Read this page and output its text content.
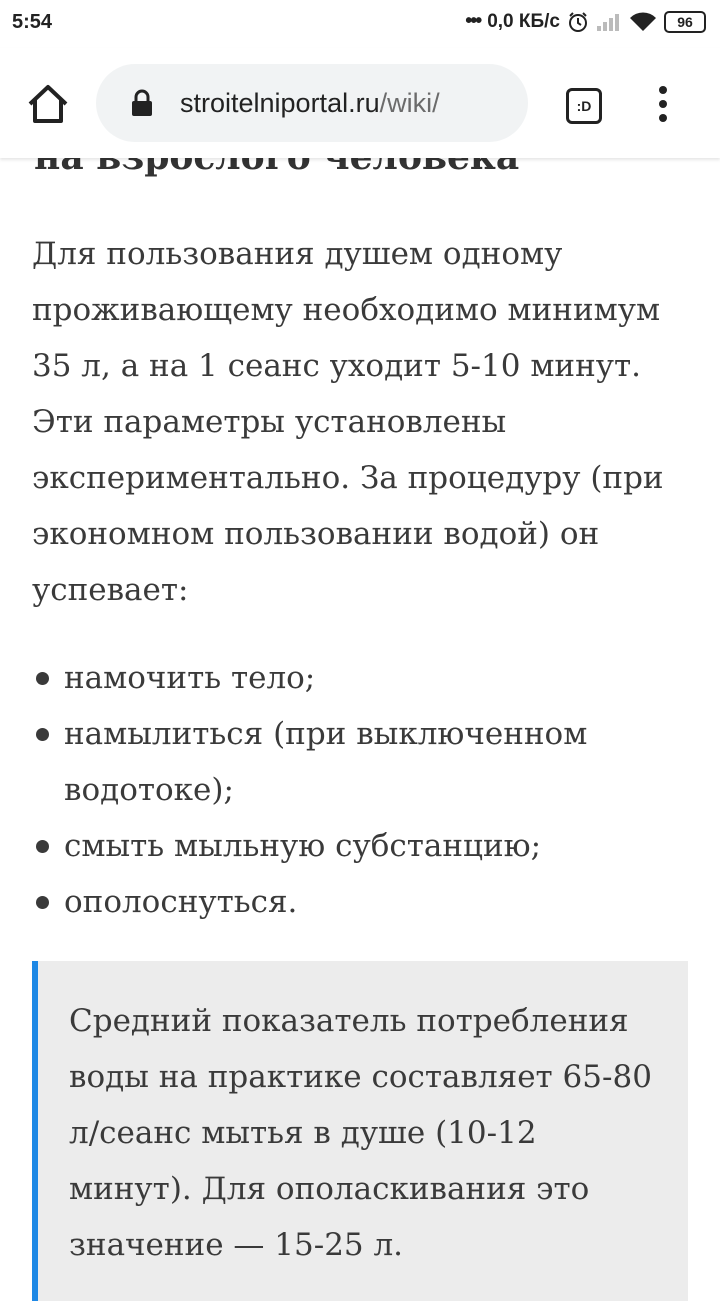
5:54	••• 0,0 КБ/с	96
stroitelniportal.ru/wiki/	:D

Для пользования душем одному проживающему необходимо минимум 35 л, а на 1 сеанс уходит 5-10 минут. Эти параметры установлены экспериментально. За процедуру (при экономном пользовании водой) он успевает:

намочить тело;
намылиться (при выключенном водотоке);
смыть мыльную субстанцию;
ополоснуться.

Средний показатель потребления воды на практике составляет 65-80 л/сеанс мытья в душе (10-12 минут). Для ополаскивания это значение — 15-25 л.
